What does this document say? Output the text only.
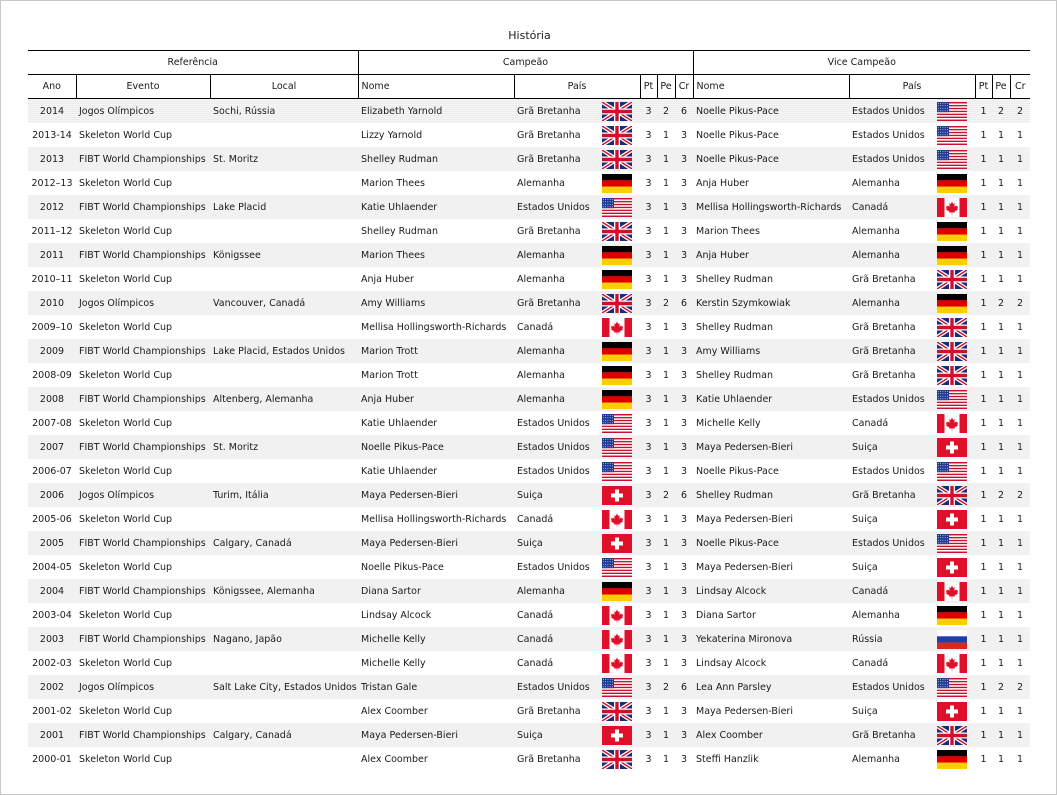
História
Referência			Campeão						Vice Campeão					
Ano	Evento	Local	Nome	País		Pt	Pe	Cr	Nome	País		Pt	Pe	Cr
2014	Jogos Olímpicos	Sochi, Rússia	Elizabeth Yarnold	Grã Bretanha		3	2	6	Noelle Pikus-Pace	Estados Unidos		1	2	2
2013-14	Skeleton World Cup		Lizzy Yarnold	Grã Bretanha		3	1	3	Noelle Pikus-Pace	Estados Unidos		1	1	1
2013	FIBT World Championships	St. Moritz	Shelley Rudman	Grã Bretanha		3	1	3	Noelle Pikus-Pace	Estados Unidos		1	1	1
2012–13	Skeleton World Cup		Marion Thees	Alemanha		3	1	3	Anja Huber	Alemanha		1	1	1
2012	FIBT World Championships	Lake Placid	Katie Uhlaender	Estados Unidos		3	1	3	Mellisa Hollingsworth-Richards	Canadá		1	1	1
2011–12	Skeleton World Cup		Shelley Rudman	Grã Bretanha		3	1	3	Marion Thees	Alemanha		1	1	1
2011	FIBT World Championships	Königssee	Marion Thees	Alemanha		3	1	3	Anja Huber	Alemanha		1	1	1
2010–11	Skeleton World Cup		Anja Huber	Alemanha		3	1	3	Shelley Rudman	Grã Bretanha		1	1	1
2010	Jogos Olímpicos	Vancouver, Canadá	Amy Williams	Grã Bretanha		3	2	6	Kerstin Szymkowiak	Alemanha		1	2	2
2009–10	Skeleton World Cup		Mellisa Hollingsworth-Richards	Canadá		3	1	3	Shelley Rudman	Grã Bretanha		1	1	1
2009	FIBT World Championships	Lake Placid, Estados Unidos	Marion Trott	Alemanha		3	1	3	Amy Williams	Grã Bretanha		1	1	1
2008-09	Skeleton World Cup		Marion Trott	Alemanha		3	1	3	Shelley Rudman	Grã Bretanha		1	1	1
2008	FIBT World Championships	Altenberg, Alemanha	Anja Huber	Alemanha		3	1	3	Katie Uhlaender	Estados Unidos		1	1	1
2007-08	Skeleton World Cup		Katie Uhlaender	Estados Unidos		3	1	3	Michelle Kelly	Canadá		1	1	1
2007	FIBT World Championships	St. Moritz	Noelle Pikus-Pace	Estados Unidos		3	1	3	Maya Pedersen-Bieri	Suiça		1	1	1
2006-07	Skeleton World Cup		Katie Uhlaender	Estados Unidos		3	1	3	Noelle Pikus-Pace	Estados Unidos		1	1	1
2006	Jogos Olímpicos	Turim, Itália	Maya Pedersen-Bieri	Suiça		3	2	6	Shelley Rudman	Grã Bretanha		1	2	2
2005-06	Skeleton World Cup		Mellisa Hollingsworth-Richards	Canadá		3	1	3	Maya Pedersen-Bieri	Suiça		1	1	1
2005	FIBT World Championships	Calgary, Canadá	Maya Pedersen-Bieri	Suiça		3	1	3	Noelle Pikus-Pace	Estados Unidos		1	1	1
2004-05	Skeleton World Cup		Noelle Pikus-Pace	Estados Unidos		3	1	3	Maya Pedersen-Bieri	Suiça		1	1	1
2004	FIBT World Championships	Königssee, Alemanha	Diana Sartor	Alemanha		3	1	3	Lindsay Alcock	Canadá		1	1	1
2003-04	Skeleton World Cup		Lindsay Alcock	Canadá		3	1	3	Diana Sartor	Alemanha		1	1	1
2003	FIBT World Championships	Nagano, Japão	Michelle Kelly	Canadá		3	1	3	Yekaterina Mironova	Rússia		1	1	1
2002-03	Skeleton World Cup		Michelle Kelly	Canadá		3	1	3	Lindsay Alcock	Canadá		1	1	1
2002	Jogos Olímpicos	Salt Lake City, Estados Unidos	Tristan Gale	Estados Unidos		3	2	6	Lea Ann Parsley	Estados Unidos		1	2	2
2001-02	Skeleton World Cup		Alex Coomber	Grã Bretanha		3	1	3	Maya Pedersen-Bieri	Suiça		1	1	1
2001	FIBT World Championships	Calgary, Canadá	Maya Pedersen-Bieri	Suiça		3	1	3	Alex Coomber	Grã Bretanha		1	1	1
2000-01	Skeleton World Cup		Alex Coomber	Grã Bretanha		3	1	3	Steffi Hanzlik	Alemanha		1	1	1
